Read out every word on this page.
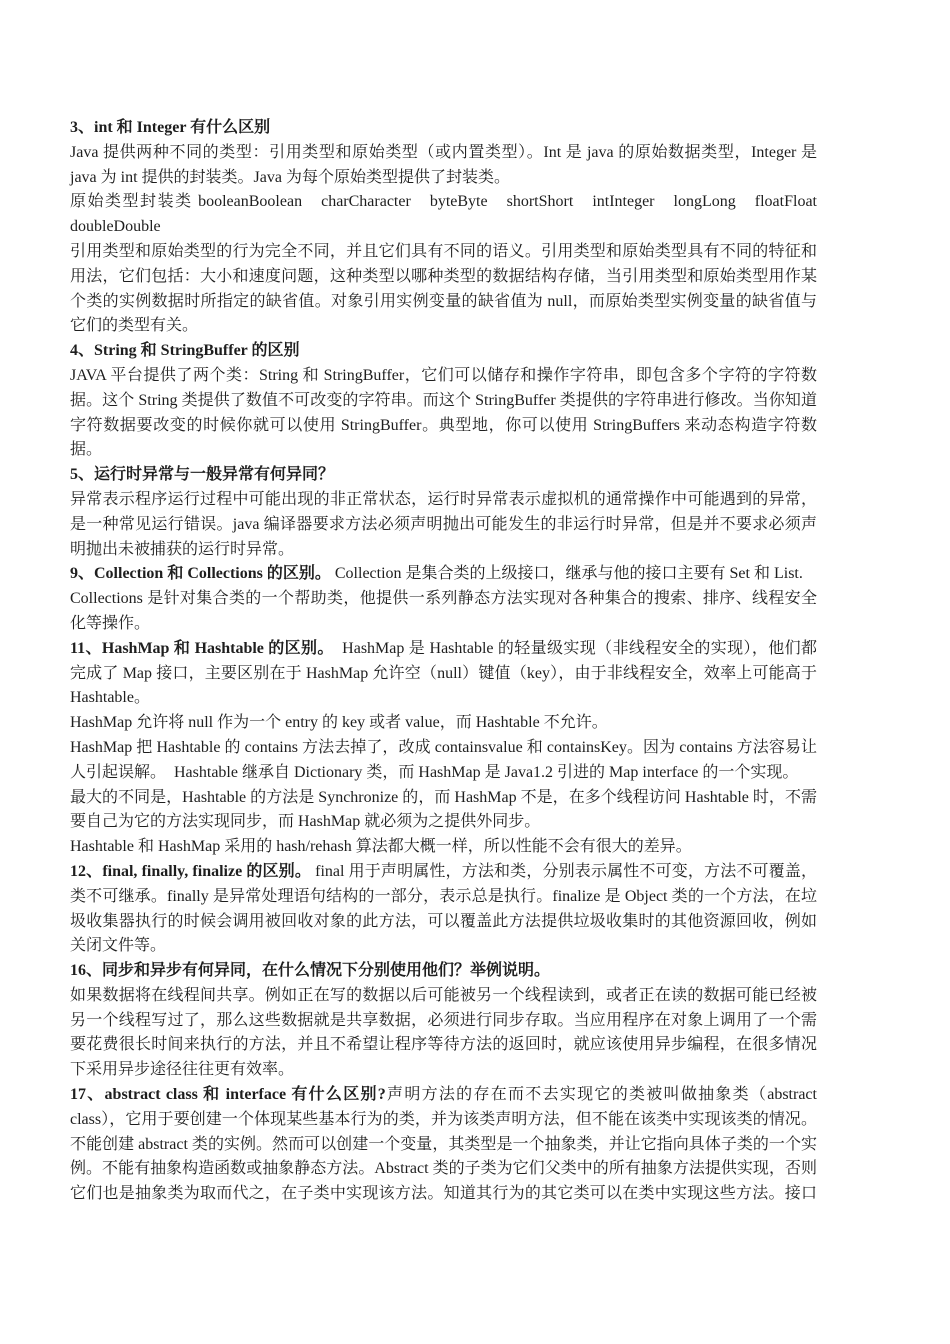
3、int 和 Integer 有什么区别

Java 提供两种不同的类型：引用类型和原始类型（或内置类型）。Int 是 java 的原始数据类型，Integer 是 java 为 int 提供的封装类。Java 为每个原始类型提供了封装类。

原始类型封装类 booleanBoolean　charCharacter　byteByte　shortShort　intInteger　longLong　floatFloat　doubleDouble

引用类型和原始类型的行为完全不同，并且它们具有不同的语义。引用类型和原始类型具有不同的特征和用法，它们包括：大小和速度问题，这种类型以哪种类型的数据结构存储，当引用类型和原始类型用作某个类的实例数据时所指定的缺省值。对象引用实例变量的缺省值为 null，而原始类型实例变量的缺省值与它们的类型有关。

4、String 和 StringBuffer 的区别

JAVA 平台提供了两个类：String 和 StringBuffer，它们可以储存和操作字符串，即包含多个字符的字符数据。这个 String 类提供了数值不可改变的字符串。而这个 StringBuffer 类提供的字符串进行修改。当你知道字符数据要改变的时候你就可以使用 StringBuffer。典型地，你可以使用 StringBuffers 来动态构造字符数据。

5、运行时异常与一般异常有何异同？

异常表示程序运行过程中可能出现的非正常状态，运行时异常表示虚拟机的通常操作中可能遇到的异常，是一种常见运行错误。java 编译器要求方法必须声明抛出可能发生的非运行时异常，但是并不要求必须声明抛出未被捕获的运行时异常。

9、Collection 和 Collections 的区别。 Collection 是集合类的上级接口，继承与他的接口主要有 Set 和 List.

Collections 是针对集合类的一个帮助类，他提供一系列静态方法实现对各种集合的搜索、排序、线程安全化等操作。

11、HashMap 和 Hashtable 的区别。　HashMap 是 Hashtable 的轻量级实现（非线程安全的实现），他们都完成了 Map 接口，主要区别在于 HashMap 允许空（null）键值（key），由于非线程安全，效率上可能高于 Hashtable。

HashMap 允许将 null 作为一个 entry 的 key 或者 value，而 Hashtable 不允许。

HashMap 把 Hashtable 的 contains 方法去掉了，改成 containsvalue 和 containsKey。因为 contains 方法容易让人引起误解。　Hashtable 继承自 Dictionary 类，而 HashMap 是 Java1.2 引进的 Map interface 的一个实现。

最大的不同是，Hashtable 的方法是 Synchronize 的，而 HashMap 不是，在多个线程访问 Hashtable 时，不需要自己为它的方法实现同步，而 HashMap 就必须为之提供外同步。

Hashtable 和 HashMap 采用的 hash/rehash 算法都大概一样，所以性能不会有很大的差异。

12、final, finally, finalize 的区别。 final 用于声明属性，方法和类，分别表示属性不可变，方法不可覆盖，类不可继承。finally 是异常处理语句结构的一部分，表示总是执行。finalize 是 Object 类的一个方法，在垃圾收集器执行的时候会调用被回收对象的此方法，可以覆盖此方法提供垃圾收集时的其他资源回收，例如关闭文件等。

16、同步和异步有何异同，在什么情况下分别使用他们？举例说明。

如果数据将在线程间共享。例如正在写的数据以后可能被另一个线程读到，或者正在读的数据可能已经被另一个线程写过了，那么这些数据就是共享数据，必须进行同步存取。当应用程序在对象上调用了一个需要花费很长时间来执行的方法，并且不希望让程序等待方法的返回时，就应该使用异步编程，在很多情况下采用异步途径往往更有效率。

17、abstract class 和 interface 有什么区别?声明方法的存在而不去实现它的类被叫做抽象类（abstract class），它用于要创建一个体现某些基本行为的类，并为该类声明方法，但不能在该类中实现该类的情况。不能创建 abstract 类的实例。然而可以创建一个变量，其类型是一个抽象类，并让它指向具体子类的一个实例。不能有抽象构造函数或抽象静态方法。Abstract 类的子类为它们父类中的所有抽象方法提供实现，否则它们也是抽象类为取而代之，在子类中实现该方法。知道其行为的其它类可以在类中实现这些方法。接口
